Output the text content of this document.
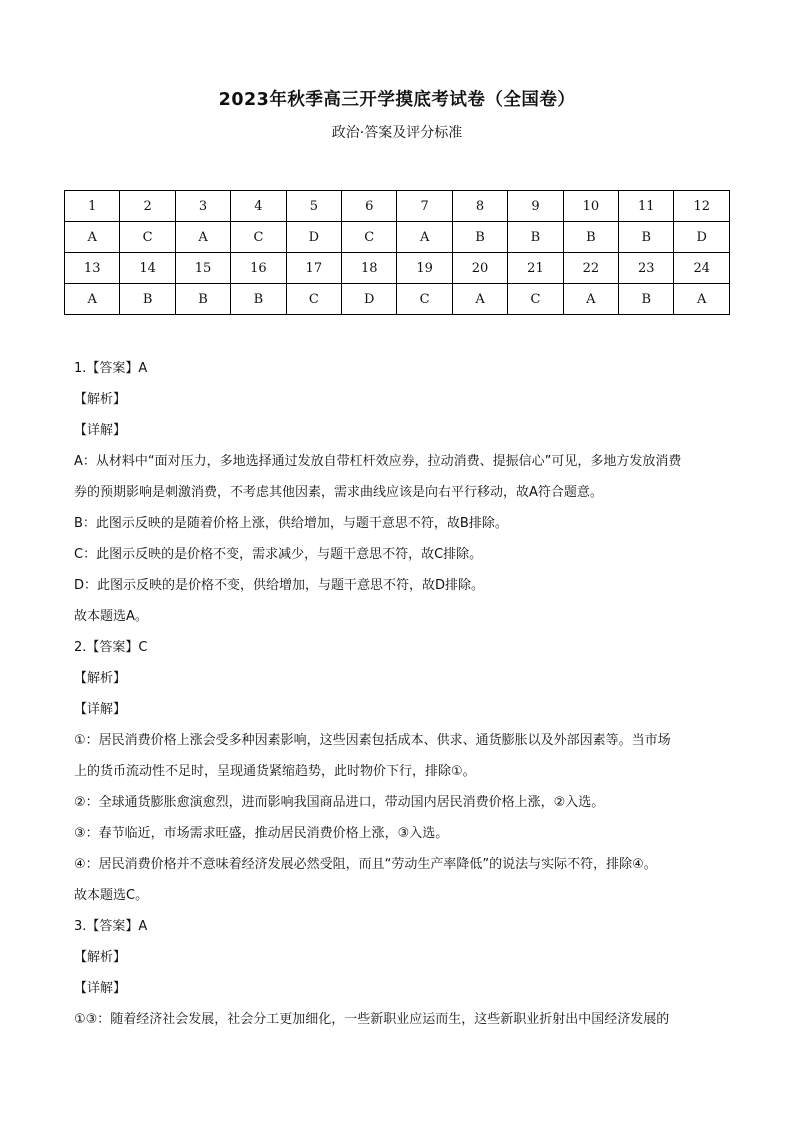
2023年秋季高三开学摸底考试卷（全国卷）
政治·答案及评分标准
1	2	3	4	5	6	7	8	9	10	11	12
A	C	A	C	D	C	A	B	B	B	B	D
13	14	15	16	17	18	19	20	21	22	23	24
A	B	B	B	C	D	C	A	C	A	B	A

1.【答案】A

【解析】

【详解】

A：从材料中“面对压力，多地选择通过发放自带杠杆效应券，拉动消费、提振信心”可见，多地方发放消费

券的预期影响是刺激消费，不考虑其他因素，需求曲线应该是向右平行移动，故A符合题意。

B：此图示反映的是随着价格上涨，供给增加，与题干意思不符，故B排除。

C：此图示反映的是价格不变，需求减少，与题干意思不符，故C排除。

D：此图示反映的是价格不变，供给增加，与题干意思不符，故D排除。

故本题选A。

2.【答案】C

【解析】

【详解】

①：居民消费价格上涨会受多种因素影响，这些因素包括成本、供求、通货膨胀以及外部因素等。当市场

上的货币流动性不足时，呈现通货紧缩趋势，此时物价下行，排除①。

②：全球通货膨胀愈演愈烈，进而影响我国商品进口，带动国内居民消费价格上涨，②入选。

③：春节临近，市场需求旺盛，推动居民消费价格上涨，③入选。

④：居民消费价格并不意味着经济发展必然受阻，而且“劳动生产率降低”的说法与实际不符，排除④。

故本题选C。

3.【答案】A

【解析】

【详解】

①③：随着经济社会发展，社会分工更加细化，一些新职业应运而生，这些新职业折射出中国经济发展的
